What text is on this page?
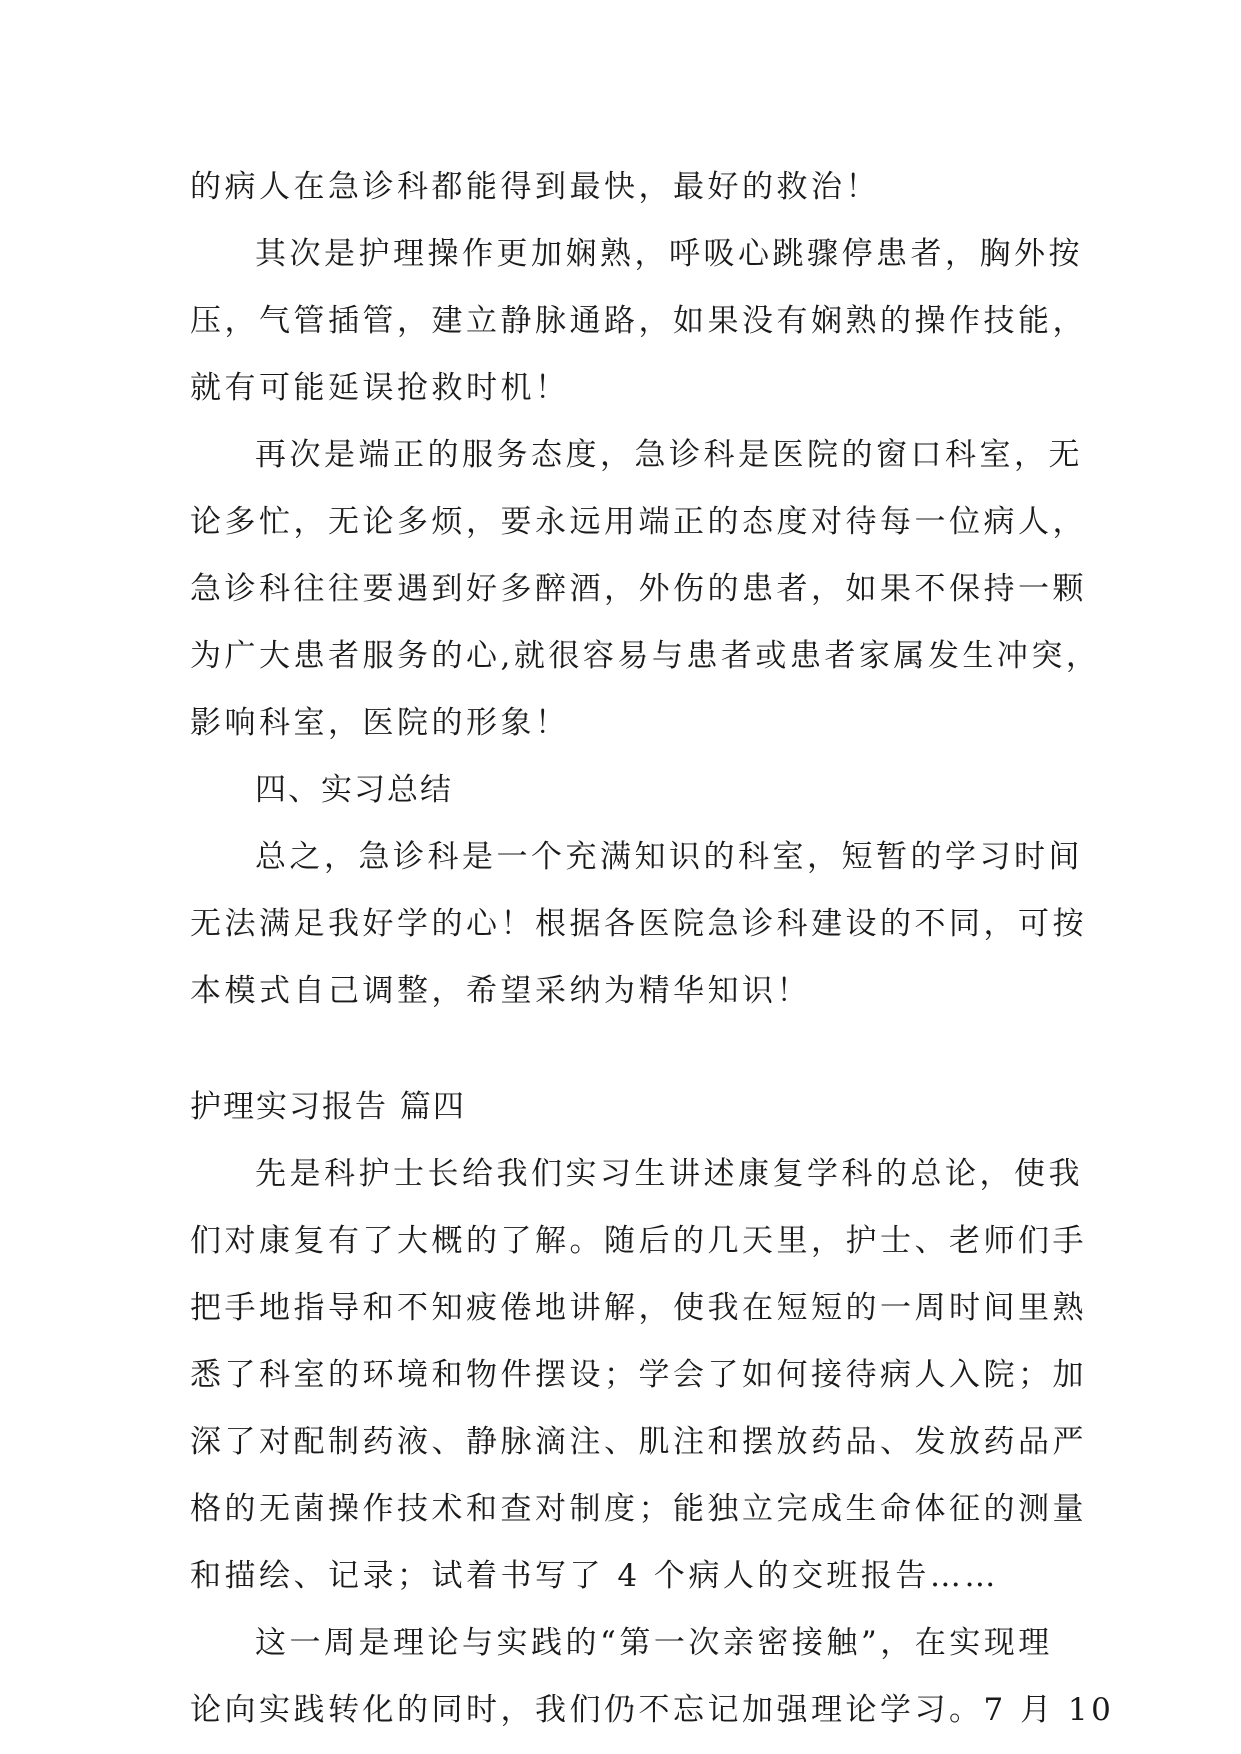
的病人在急诊科都能得到最快，最好的救治！
其次是护理操作更加娴熟，呼吸心跳骤停患者，胸外按
压，气管插管，建立静脉通路，如果没有娴熟的操作技能，
就有可能延误抢救时机！
再次是端正的服务态度，急诊科是医院的窗口科室，无
论多忙，无论多烦，要永远用端正的态度对待每一位病人，
急诊科往往要遇到好多醉酒，外伤的患者，如果不保持一颗
为广大患者服务的心,就很容易与患者或患者家属发生冲突，
影响科室，医院的形象！
四、实习总结
总之，急诊科是一个充满知识的科室，短暂的学习时间
无法满足我好学的心！根据各医院急诊科建设的不同，可按
本模式自己调整，希望采纳为精华知识！
护理实习报告 篇四
先是科护士长给我们实习生讲述康复学科的总论，使我
们对康复有了大概的了解。随后的几天里，护士、老师们手
把手地指导和不知疲倦地讲解，使我在短短的一周时间里熟
悉了科室的环境和物件摆设；学会了如何接待病人入院；加
深了对配制药液、静脉滴注、肌注和摆放药品、发放药品严
格的无菌操作技术和查对制度；能独立完成生命体征的测量
和描绘、记录；试着书写了 4 个病人的交班报告……
这一周是理论与实践的“第一次亲密接触”，在实现理
论向实践转化的同时，我们仍不忘记加强理论学习。7 月 10
